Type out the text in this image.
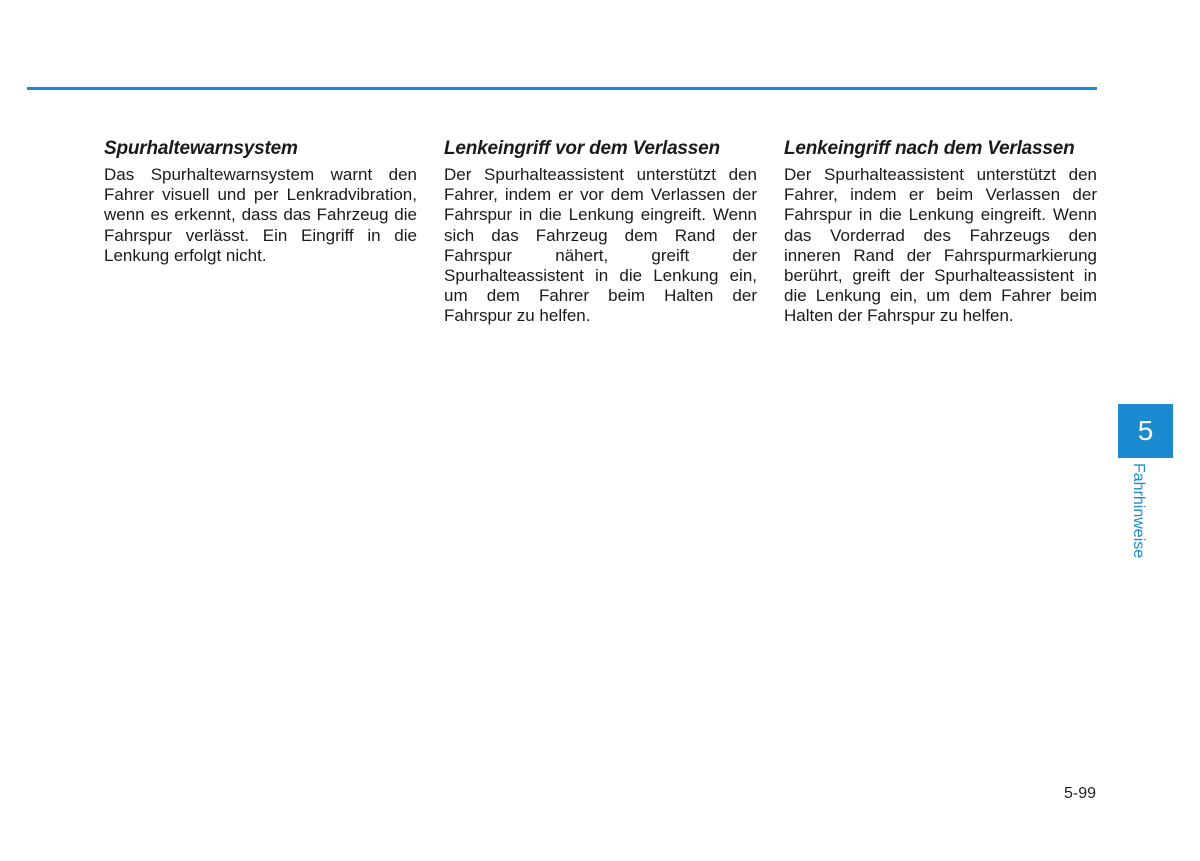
Spurhaltewarnsystem

Das Spurhaltewarnsystem warnt den Fahrer visuell und per Lenkradvibration, wenn es erkennt, dass das Fahrzeug die Fahrspur verlässt. Ein Eingriff in die Lenkung erfolgt nicht.

Lenkeingriff vor dem Verlassen

Der Spurhalteassistent unterstützt den Fahrer, indem er vor dem Verlassen der Fahrspur in die Lenkung eingreift. Wenn sich das Fahrzeug dem Rand der Fahrspur nähert, greift der Spurhalteassistent in die Lenkung ein, um dem Fahrer beim Halten der Fahrspur zu helfen.

Lenkeingriff nach dem Verlassen

Der Spurhalteassistent unterstützt den Fahrer, indem er beim Verlassen der Fahrspur in die Lenkung eingreift. Wenn das Vorderrad des Fahrzeugs den inneren Rand der Fahrspurmarkierung berührt, greift der Spurhalteassistent in die Lenkung ein, um dem Fahrer beim Halten der Fahrspur zu helfen.

5
Fahrhinweise
5-99
